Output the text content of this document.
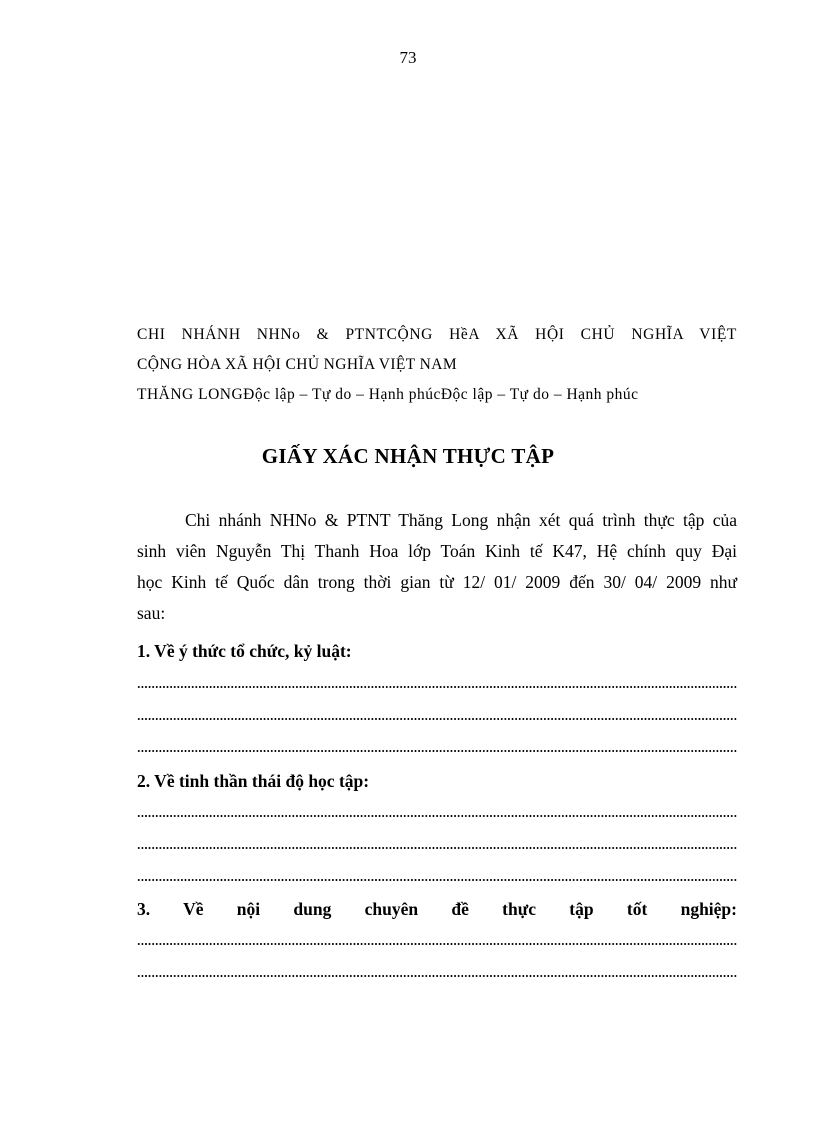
73
CHI NHÁNH NHNo & PTNTCỘNG HềA XÃ HỘI CHỦ NGHĨA VIỆT
CỘNG HÒA XÃ HỘI CHỦ NGHĨA VIỆT NAM
THĂNG LONGĐộc lập – Tự do – Hạnh phúcĐộc lập – Tự do – Hạnh phúc
GIẤY XÁC NHẬN THỰC TẬP
Chi nhánh NHNo & PTNT Thăng Long nhận xét quá trình thực tập của
sinh viên Nguyễn Thị Thanh Hoa lớp Toán Kinh tế K47, Hệ chính quy Đại
học Kinh tế Quốc dân trong thời gian từ 12/ 01/ 2009 đến 30/ 04/ 2009 như
sau:
1. Về ý thức tổ chức, kỷ luật:
2. Về tinh thần thái độ học tập:
3. Về nội dung chuyên đề thực tập tốt nghiệp:
